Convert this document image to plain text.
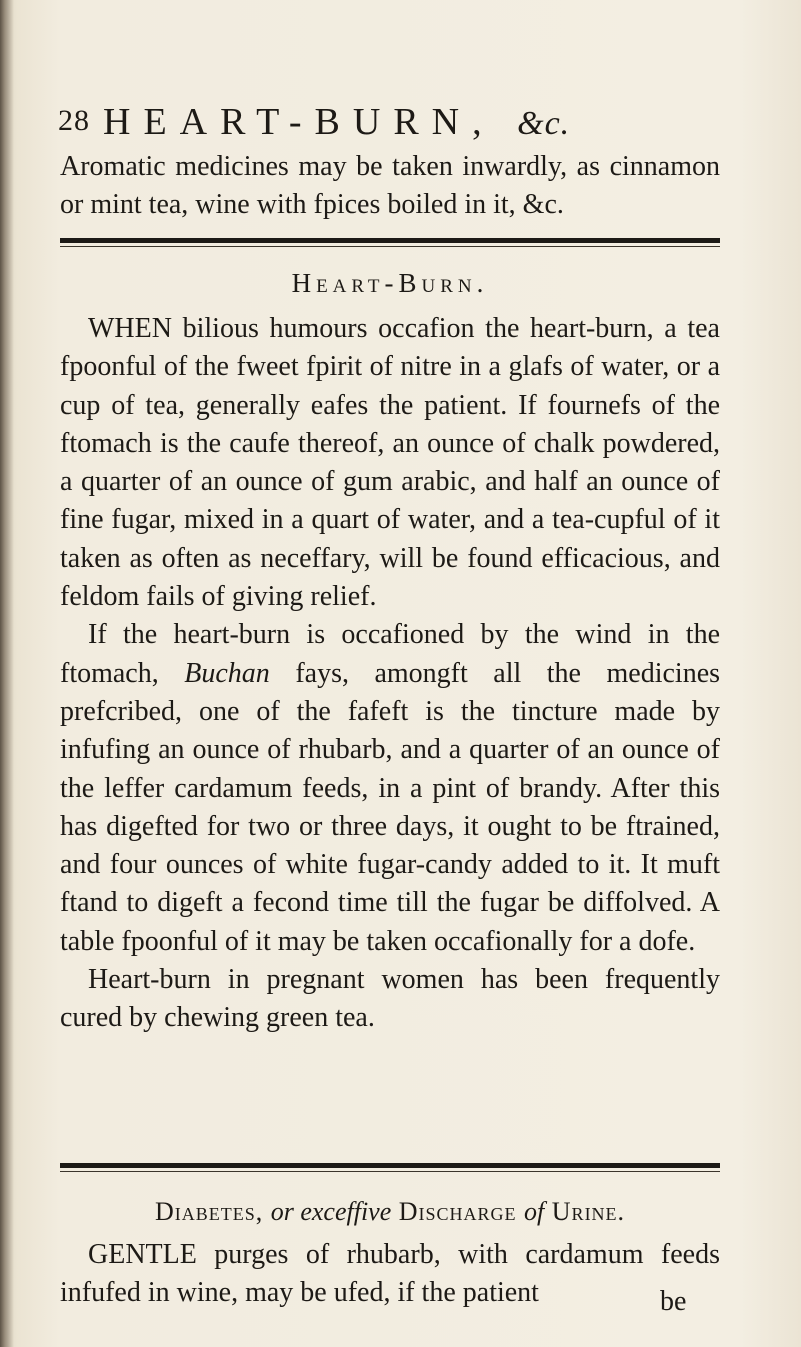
28 HEART-BURN, &c.

Aromatic medicines may be taken inwardly, as cinnamon or mint tea, wine with fpices boiled in it, &c.

Heart-Burn.

WHEN bilious humours occafion the heart-burn, a tea fpoonful of the fweet fpirit of nitre in a glafs of water, or a cup of tea, generally eafes the patient. If fournefs of the ftomach is the caufe thereof, an ounce of chalk powdered, a quarter of an ounce of gum arabic, and half an ounce of fine fugar, mixed in a quart of water, and a tea-cupful of it taken as often as neceffary, will be found efficacious, and feldom fails of giving relief.

If the heart-burn is occafioned by the wind in the ftomach, Buchan fays, amongft all the medicines prefcribed, one of the fafeft is the tincture made by infufing an ounce of rhubarb, and a quarter of an ounce of the leffer cardamum feeds, in a pint of brandy. After this has digefted for two or three days, it ought to be ftrained, and four ounces of white fugar-candy added to it. It muft ftand to digeft a fecond time till the fugar be diffolved. A table fpoonful of it may be taken occafionally for a dofe.

Heart-burn in pregnant women has been frequently cured by chewing green tea.

Diabetes, or exceffive Discharge of Urine.

GENTLE purges of rhubarb, with cardamum feeds infufed in wine, may be ufed, if the patient	be
